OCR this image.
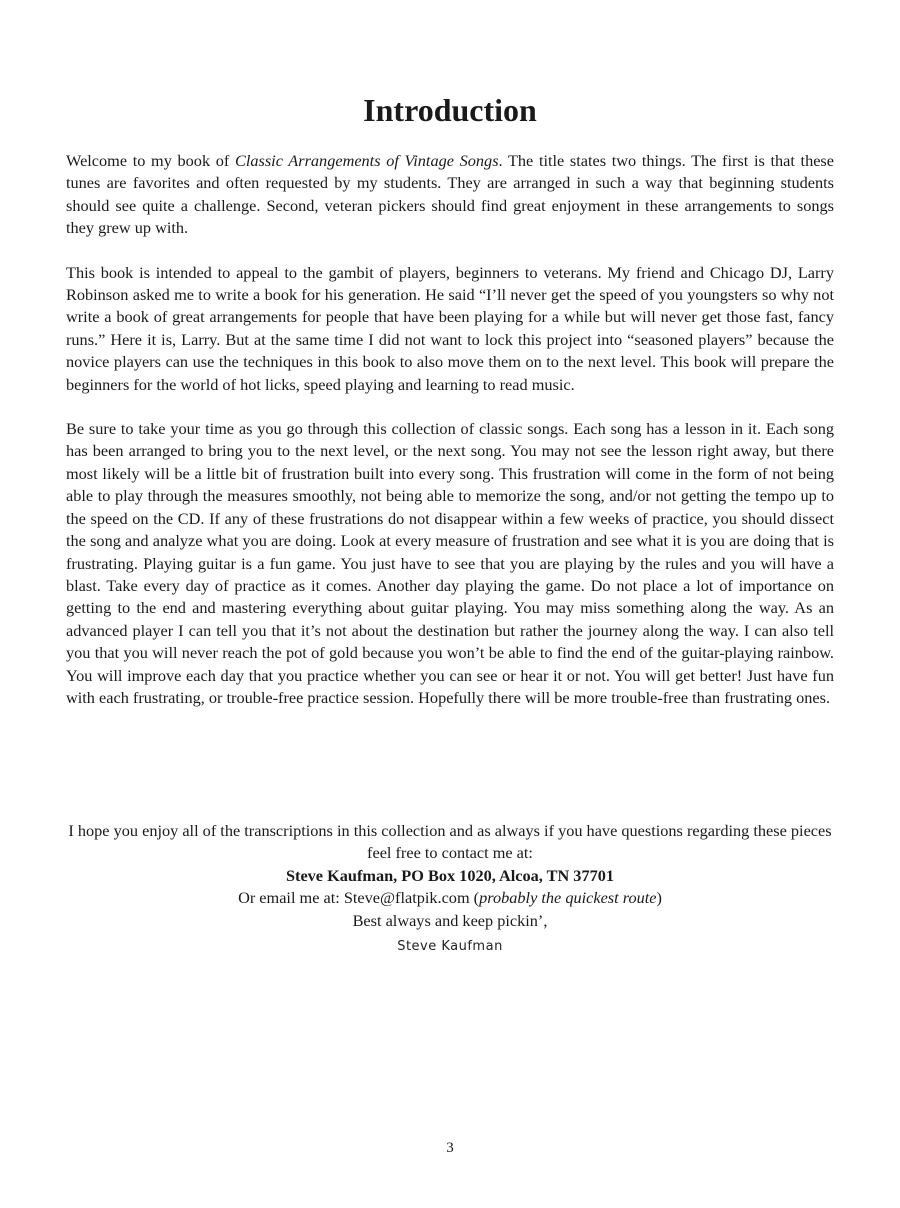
Introduction

Welcome to my book of Classic Arrangements of Vintage Songs. The title states two things. The first is that these tunes are favorites and often requested by my students. They are arranged in such a way that beginning students should see quite a challenge. Second, veteran pickers should find great enjoyment in these arrangements to songs they grew up with.

This book is intended to appeal to the gambit of players, beginners to veterans. My friend and Chicago DJ, Larry Robinson asked me to write a book for his generation. He said “I’ll never get the speed of you youngsters so why not write a book of great arrangements for people that have been playing for a while but will never get those fast, fancy runs.” Here it is, Larry. But at the same time I did not want to lock this project into “seasoned players” because the novice players can use the techniques in this book to also move them on to the next level. This book will prepare the beginners for the world of hot licks, speed playing and learning to read music.

Be sure to take your time as you go through this collection of classic songs. Each song has a lesson in it. Each song has been arranged to bring you to the next level, or the next song. You may not see the lesson right away, but there most likely will be a little bit of frustration built into every song. This frustration will come in the form of not being able to play through the measures smoothly, not being able to memorize the song, and/or not getting the tempo up to the speed on the CD. If any of these frustrations do not disappear within a few weeks of practice, you should dissect the song and analyze what you are doing. Look at every measure of frustration and see what it is you are doing that is frustrating. Playing guitar is a fun game. You just have to see that you are playing by the rules and you will have a blast. Take every day of practice as it comes. Another day playing the game. Do not place a lot of importance on getting to the end and mastering everything about guitar playing. You may miss something along the way. As an advanced player I can tell you that it’s not about the destination but rather the journey along the way. I can also tell you that you will never reach the pot of gold because you won’t be able to find the end of the guitar-playing rainbow. You will improve each day that you practice whether you can see or hear it or not. You will get better! Just have fun with each frustrating, or trouble-free practice session. Hopefully there will be more trouble-free than frustrating ones.

I hope you enjoy all of the transcriptions in this collection and as always if you have questions regarding these pieces feel free to contact me at:

Steve Kaufman, PO Box 1020, Alcoa, TN 37701

Or email me at: Steve@flatpik.com (probably the quickest route)

Best always and keep pickin’,

Steve Kaufman

3
